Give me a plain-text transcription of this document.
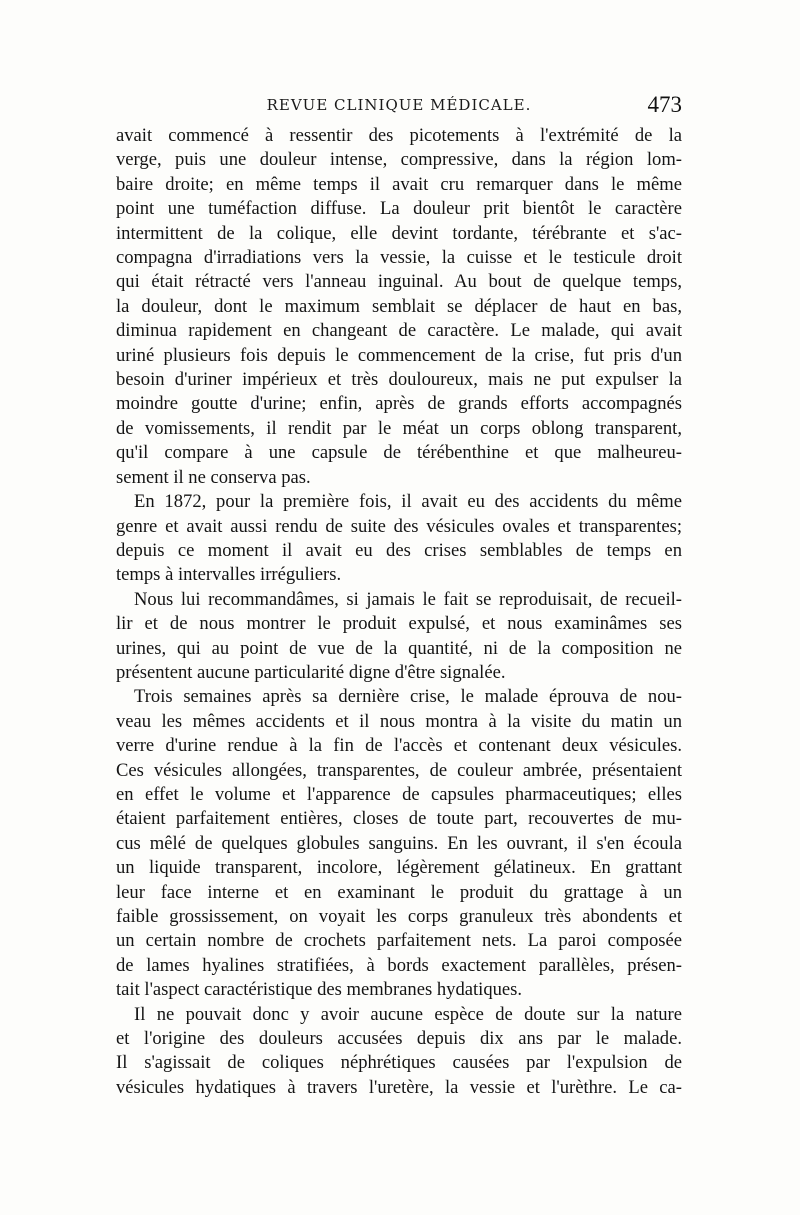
REVUE CLINIQUE MÉDICALE.	473
avait commencé à ressentir des picotements à l'extrémité de la
verge, puis une douleur intense, compressive, dans la région lom-
baire droite; en même temps il avait cru remarquer dans le même
point une tuméfaction diffuse. La douleur prit bientôt le caractère
intermittent de la colique, elle devint tordante, térébrante et s'ac-
compagna d'irradiations vers la vessie, la cuisse et le testicule droit
qui était rétracté vers l'anneau inguinal. Au bout de quelque temps,
la douleur, dont le maximum semblait se déplacer de haut en bas,
diminua rapidement en changeant de caractère. Le malade, qui avait
uriné plusieurs fois depuis le commencement de la crise, fut pris d'un
besoin d'uriner impérieux et très douloureux, mais ne put expulser la
moindre goutte d'urine; enfin, après de grands efforts accompagnés
de vomissements, il rendit par le méat un corps oblong transparent,
qu'il compare à une capsule de térébenthine et que malheureu-
sement il ne conserva pas.
En 1872, pour la première fois, il avait eu des accidents du même
genre et avait aussi rendu de suite des vésicules ovales et transparentes;
depuis ce moment il avait eu des crises semblables de temps en
temps à intervalles irréguliers.
Nous lui recommandâmes, si jamais le fait se reproduisait, de recueil-
lir et de nous montrer le produit expulsé, et nous examinâmes ses
urines, qui au point de vue de la quantité, ni de la composition ne
présentent aucune particularité digne d'être signalée.
Trois semaines après sa dernière crise, le malade éprouva de nou-
veau les mêmes accidents et il nous montra à la visite du matin un
verre d'urine rendue à la fin de l'accès et contenant deux vésicules.
Ces vésicules allongées, transparentes, de couleur ambrée, présentaient
en effet le volume et l'apparence de capsules pharmaceutiques; elles
étaient parfaitement entières, closes de toute part, recouvertes de mu-
cus mêlé de quelques globules sanguins. En les ouvrant, il s'en écoula
un liquide transparent, incolore, légèrement gélatineux. En grattant
leur face interne et en examinant le produit du grattage à un
faible grossissement, on voyait les corps granuleux très abondents et
un certain nombre de crochets parfaitement nets. La paroi composée
de lames hyalines stratifiées, à bords exactement parallèles, présen-
tait l'aspect caractéristique des membranes hydatiques.
Il ne pouvait donc y avoir aucune espèce de doute sur la nature
et l'origine des douleurs accusées depuis dix ans par le malade.
Il s'agissait de coliques néphrétiques causées par l'expulsion de
vésicules hydatiques à travers l'uretère, la vessie et l'urèthre. Le ca-
